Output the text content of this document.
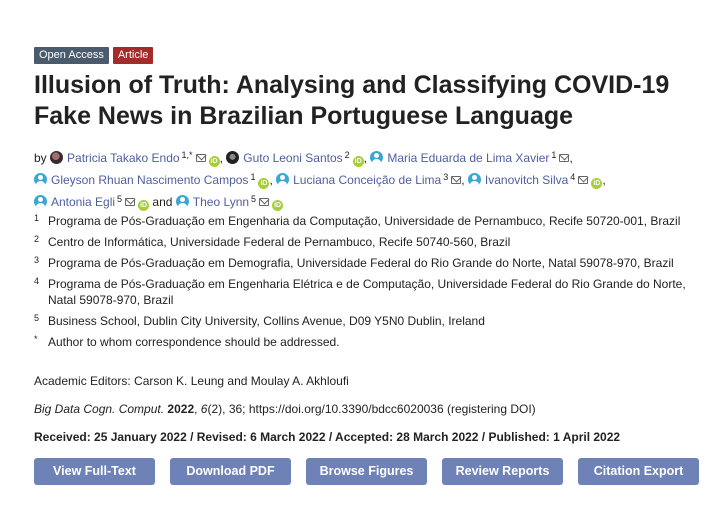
Open Access	Article
Illusion of Truth: Analysing and Classifying COVID-19 Fake News in Brazilian Portuguese Language
by Patricia Takako Endo $^{1,*}$iD , Guto Leoni Santos $^2$iD , Maria Eduarda de Lima Xavier $^1$ ,
Gleyson Rhuan Nascimento Campos $^1$iD , Luciana Conceição de Lima $^3$ , Ivanovitch Silva $^4$iD ,
Antonia Egli $^5$iD and Theo Lynn $^5$iD
1 Programa de Pós-Graduação em Engenharia da Computação, Universidade de Pernambuco, Recife 50720-001, Brazil
2 Centro de Informática, Universidade Federal de Pernambuco, Recife 50740-560, Brazil
3 Programa de Pós-Graduação em Demografia, Universidade Federal do Rio Grande do Norte, Natal 59078-970, Brazil
4 Programa de Pós-Graduação em Engenharia Elétrica e de Computação, Universidade Federal do Rio Grande do Norte, Natal 59078-970, Brazil
5 Business School, Dublin City University, Collins Avenue, D09 Y5N0 Dublin, Ireland
* Author to whom correspondence should be addressed.
Academic Editors: Carson K. Leung and Moulay A. Akhloufi
Big Data Cogn. Comput. 2022, 6(2), 36; https://doi.org/10.3390/bdcc6020036 (registering DOI)
Received: 25 January 2022 / Revised: 6 March 2022 / Accepted: 28 March 2022 / Published: 1 April 2022
View Full-Text	Download PDF	Browse Figures	Review Reports	Citation Export
